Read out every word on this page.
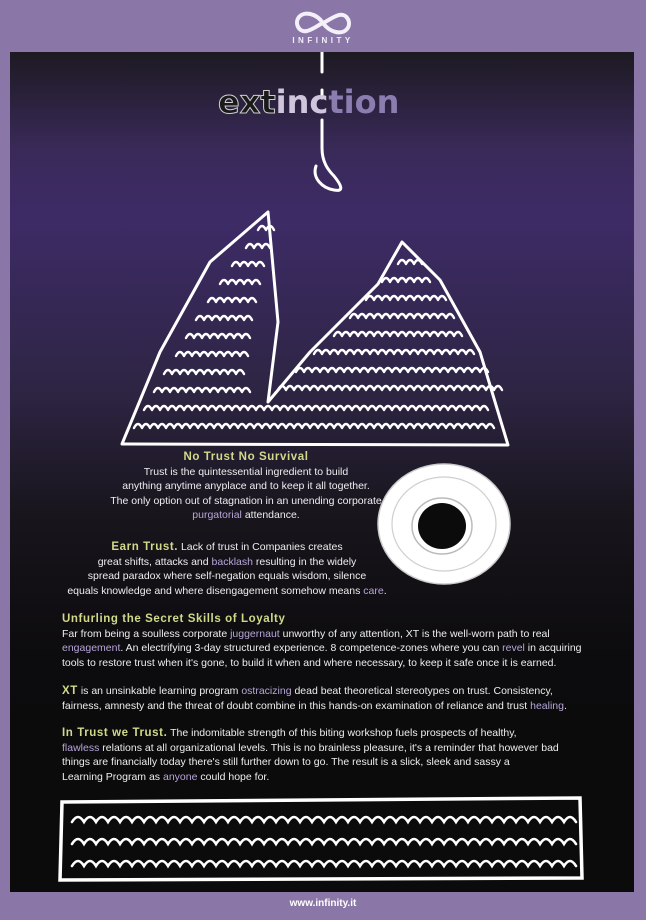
INFINITY
extinction

No Trust No Survival

Trust is the quintessential ingredient to build

anything anytime anyplace and to keep it all together.

The only option out of stagnation in an unending corporate

purgatorial attendance.

Earn Trust. Lack of trust in Companies creates

great shifts, attacks and backlash resulting in the widely

spread paradox where self-negation equals wisdom, silence

equals knowledge and where disengagement somehow means care.

Unfurling the Secret Skills of Loyalty

Far from being a soulless corporate juggernaut unworthy of any attention, XT is the well-worn path to real

engagement. An electrifying 3-day structured experience. 8 competence-zones where you can revel in acquiring

tools to restore trust when it's gone, to build it when and where necessary, to keep it safe once it is earned.

XT is an unsinkable learning program ostracizing dead beat theoretical stereotypes on trust. Consistency,

fairness, amnesty and the threat of doubt combine in this hands-on examination of reliance and trust healing.

In Trust we Trust. The indomitable strength of this biting workshop fuels prospects of healthy,

flawless relations at all organizational levels. This is no brainless pleasure, it's a reminder that however bad

things are financially today there's still further down to go. The result is a slick, sleek and sassy a

Learning Program as anyone could hope for.

www.infinity.it
